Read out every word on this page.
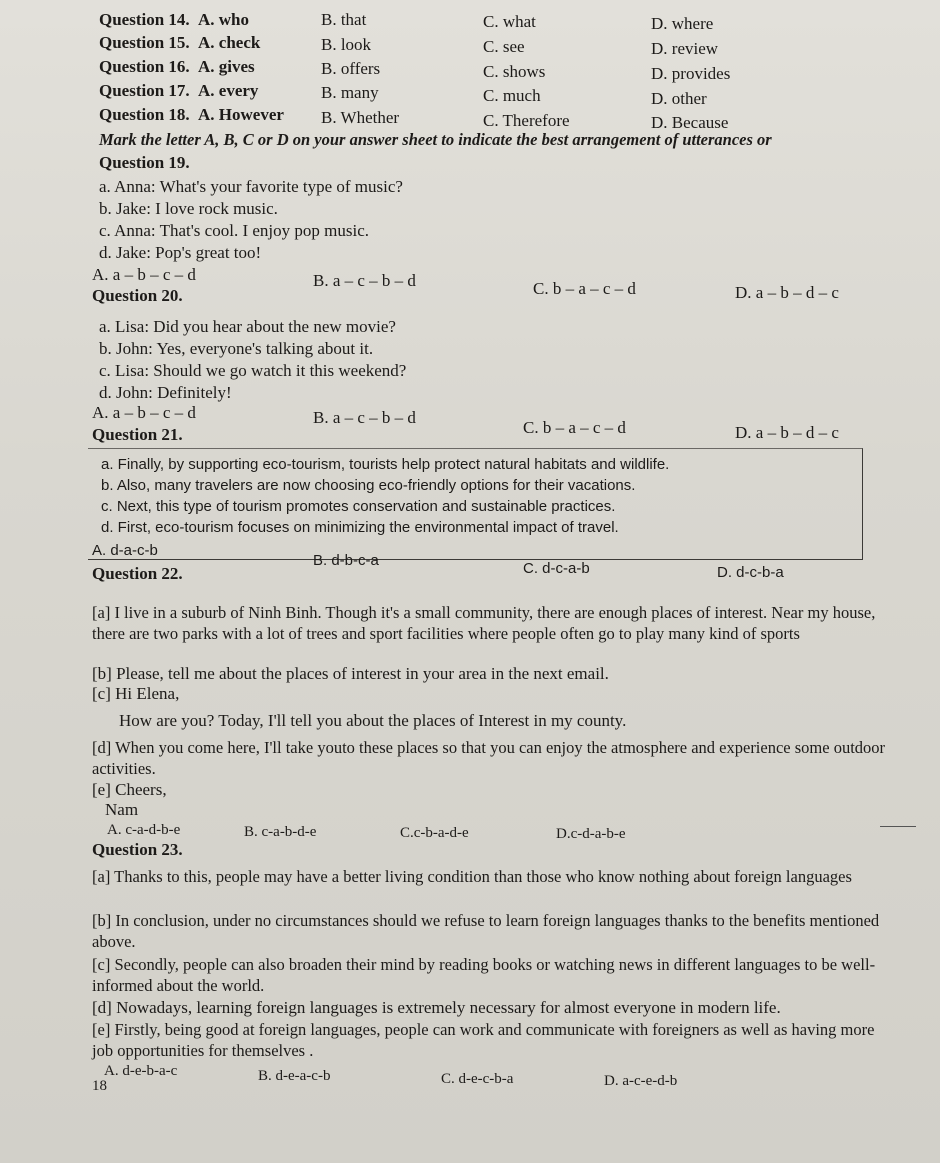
Question 14. A. who	B. that	C. what	D. where
Question 15. A. check	B. look	C. see	D. review
Question 16. A. gives	B. offers	C. shows	D. provides
Question 17. A. every	B. many	C. much	D. other
Question 18. A. However B. Whether	C. Therefore	D. Because
Mark the letter A, B, C or D on your answer sheet to indicate the best arrangement of utterances or
Question 19.
a. Anna: What's your favorite type of music?
b. Jake: I love rock music.
c. Anna: That's cool. I enjoy pop music.
d. Jake: Pop's great too!
A. a – b – c – d	B. a – c – b – d	C. b – a – c – d	D. a – b – d – c
Question 20.
a. Lisa: Did you hear about the new movie?
b. John: Yes, everyone's talking about it.
c. Lisa: Should we go watch it this weekend?
d. John: Definitely!
A. a – b – c – d	B. a – c – b – d
C. b – a – c – d	D. a – b – d – c
Question 21.
a. Finally, by supporting eco-tourism, tourists help protect natural habitats and wildlife.
b. Also, many travelers are now choosing eco-friendly options for their vacations.
c. Next, this type of tourism promotes conservation and sustainable practices.
d. First, eco-tourism focuses on minimizing the environmental impact of travel.
A. d-a-c-b
B. d-b-c-a	C. d-c-a-b	D. d-c-b-a
Question 22.
[a] I live in a suburb of Ninh Binh. Though it's a small community, there are enough places of interest. Near my house, there are two parks with a lot of trees and sport facilities where people often go to play many kind of sports
[b] Please, tell me about the places of interest in your area in the next email.
[c] Hi Elena,
How are you? Today, I'll tell you about the places of Interest in my county.
[d] When you come here, I'll take youto these places so that you can enjoy the atmosphere and experience some outdoor activities.
[e] Cheers,
Nam
A. c-a-d-b-e	B. c-a-b-d-e	C.c-b-a-d-e	D.c-d-a-b-e
Question 23.
[a] Thanks to this, people may have a better living condition than those who know nothing about foreign languages
[b] In conclusion, under no circumstances should we refuse to learn foreign languages thanks to the benefits mentioned above.
[c] Secondly, people can also broaden their mind by reading books or watching news in different languages to be well-informed about the world.
[d] Nowadays, learning foreign languages is extremely necessary for almost everyone in modern life.
[e] Firstly, being good at foreign languages, people can work and communicate with foreigners as well as having more job opportunities for themselves .
A. d-e-b-a-c	B. d-e-a-c-b	C. d-e-c-b-a	D. a-c-e-d-b
18
